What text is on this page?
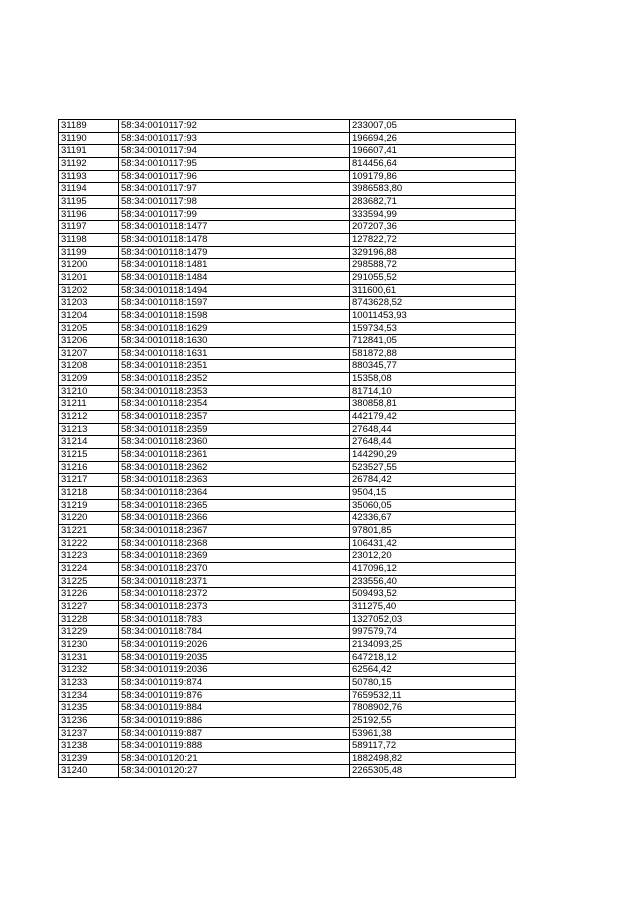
31189	58:34:0010117:92	233007,05
31190	58:34:0010117:93	196694,26
31191	58:34:0010117:94	196607,41
31192	58:34:0010117:95	814456,64
31193	58:34:0010117:96	109179,86
31194	58:34:0010117:97	3986583,80
31195	58:34:0010117:98	283682,71
31196	58:34:0010117:99	333594,99
31197	58:34:0010118:1477	207207,36
31198	58:34:0010118:1478	127822,72
31199	58:34:0010118:1479	329196,88
31200	58:34:0010118:1481	298588,72
31201	58:34:0010118:1484	291055,52
31202	58:34:0010118:1494	311600,61
31203	58:34:0010118:1597	8743628,52
31204	58:34:0010118:1598	10011453,93
31205	58:34:0010118:1629	159734,53
31206	58:34:0010118:1630	712841,05
31207	58:34:0010118:1631	581872,88
31208	58:34:0010118:2351	880345,77
31209	58:34:0010118:2352	15358,08
31210	58:34:0010118:2353	81714,10
31211	58:34:0010118:2354	380858,81
31212	58:34:0010118:2357	442179,42
31213	58:34:0010118:2359	27648,44
31214	58:34:0010118:2360	27648,44
31215	58:34:0010118:2361	144290,29
31216	58:34:0010118:2362	523527,55
31217	58:34:0010118:2363	26784,42
31218	58:34:0010118:2364	9504,15
31219	58:34:0010118:2365	35060,05
31220	58:34:0010118:2366	42336,67
31221	58:34:0010118:2367	97801,85
31222	58:34:0010118:2368	106431,42
31223	58:34:0010118:2369	23012,20
31224	58:34:0010118:2370	417096,12
31225	58:34:0010118:2371	233556,40
31226	58:34:0010118:2372	509493,52
31227	58:34:0010118:2373	311275,40
31228	58:34:0010118:783	1327052,03
31229	58:34:0010118:784	997579,74
31230	58:34:0010119:2026	2134093,25
31231	58:34:0010119:2035	647218,12
31232	58:34:0010119:2036	62564,42
31233	58:34:0010119:874	50780,15
31234	58:34:0010119:876	7659532,11
31235	58:34:0010119:884	7808902,76
31236	58:34:0010119:886	25192,55
31237	58:34:0010119:887	53961,38
31238	58:34:0010119:888	589117,72
31239	58:34:0010120:21	1882498,82
31240	58:34:0010120:27	2265305,48
